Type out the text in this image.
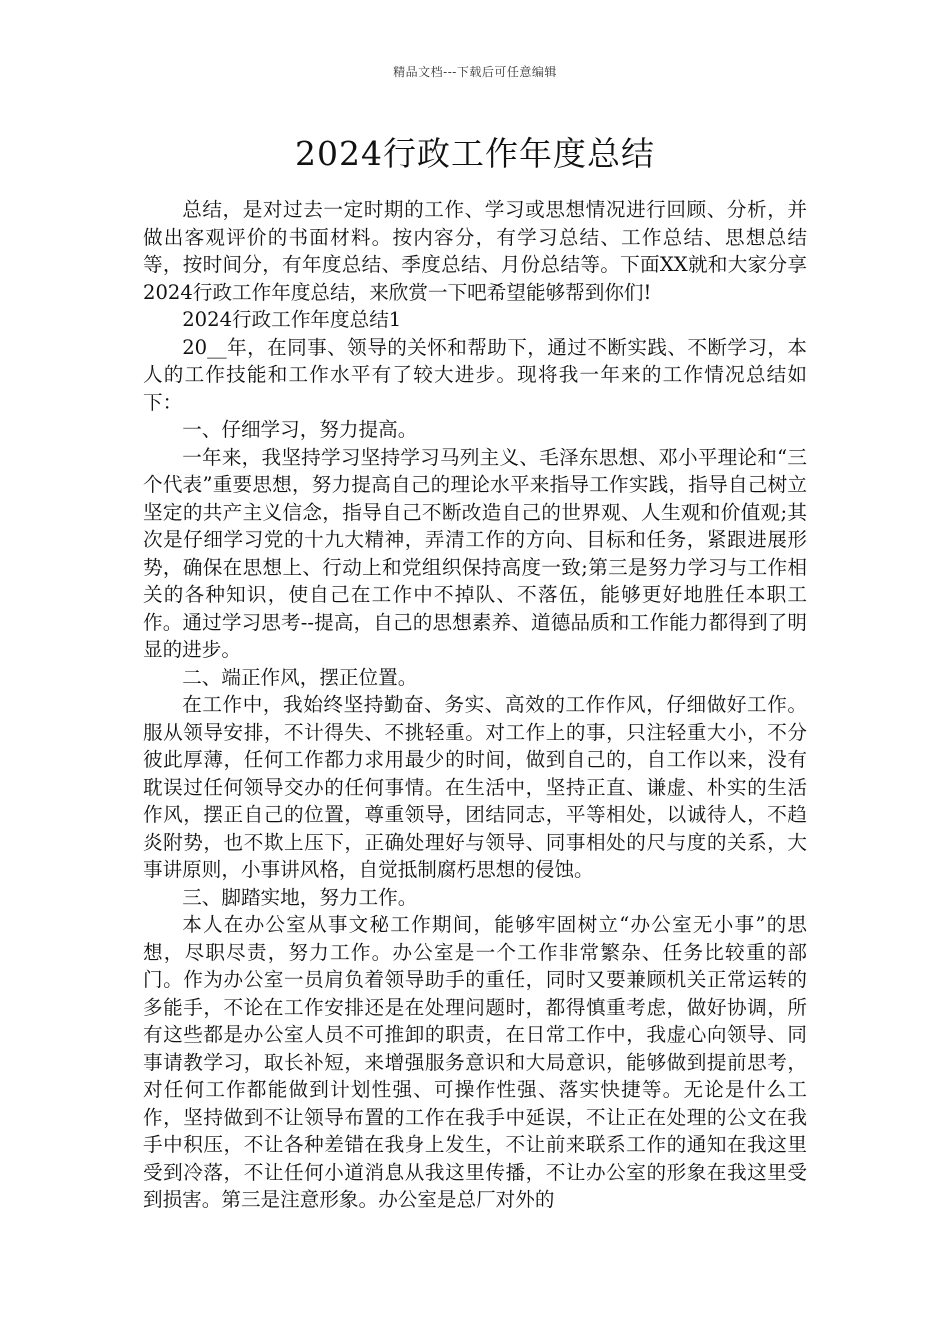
精品文档---下载后可任意编辑
2024行政工作年度总结

总结，是对过去一定时期的工作、学习或思想情况进行回顾、分析，并做出客观评价的书面材料。按内容分，有学习总结、工作总结、思想总结等，按时间分，有年度总结、季度总结、月份总结等。下面XX就和大家分享2024行政工作年度总结，来欣赏一下吧希望能够帮到你们!

2024行政工作年度总结1

20__年，在同事、领导的关怀和帮助下，通过不断实践、不断学习，本人的工作技能和工作水平有了较大进步。现将我一年来的工作情况总结如下：

一、仔细学习，努力提高。

一年来，我坚持学习坚持学习马列主义、毛泽东思想、邓小平理论和“三个代表”重要思想，努力提高自己的理论水平来指导工作实践，指导自己树立坚定的共产主义信念，指导自己不断改造自己的世界观、人生观和价值观;其次是仔细学习党的十九大精神，弄清工作的方向、目标和任务，紧跟进展形势，确保在思想上、行动上和党组织保持高度一致;第三是努力学习与工作相关的各种知识，使自己在工作中不掉队、不落伍，能够更好地胜任本职工作。通过学习思考--提高，自己的思想素养、道德品质和工作能力都得到了明显的进步。

二、端正作风，摆正位置。

在工作中，我始终坚持勤奋、务实、高效的工作作风，仔细做好工作。服从领导安排，不计得失、不挑轻重。对工作上的事，只注轻重大小，不分彼此厚薄，任何工作都力求用最少的时间，做到自己的，自工作以来，没有耽误过任何领导交办的任何事情。在生活中，坚持正直、谦虚、朴实的生活作风，摆正自己的位置，尊重领导，团结同志，平等相处，以诚待人，不趋炎附势，也不欺上压下，正确处理好与领导、同事相处的尺与度的关系，大事讲原则，小事讲风格，自觉抵制腐朽思想的侵蚀。

三、脚踏实地，努力工作。

本人在办公室从事文秘工作期间，能够牢固树立“办公室无小事”的思想，尽职尽责，努力工作。办公室是一个工作非常繁杂、任务比较重的部门。作为办公室一员肩负着领导助手的重任，同时又要兼顾机关正常运转的多能手，不论在工作安排还是在处理问题时，都得慎重考虑，做好协调，所有这些都是办公室人员不可推卸的职责，在日常工作中，我虚心向领导、同事请教学习，取长补短，来增强服务意识和大局意识，能够做到提前思考，对任何工作都能做到计划性强、可操作性强、落实快捷等。无论是什么工作，坚持做到不让领导布置的工作在我手中延误，不让正在处理的公文在我手中积压，不让各种差错在我身上发生，不让前来联系工作的通知在我这里受到冷落，不让任何小道消息从我这里传播，不让办公室的形象在我这里受到损害。第三是注意形象。办公室是总厂对外的
